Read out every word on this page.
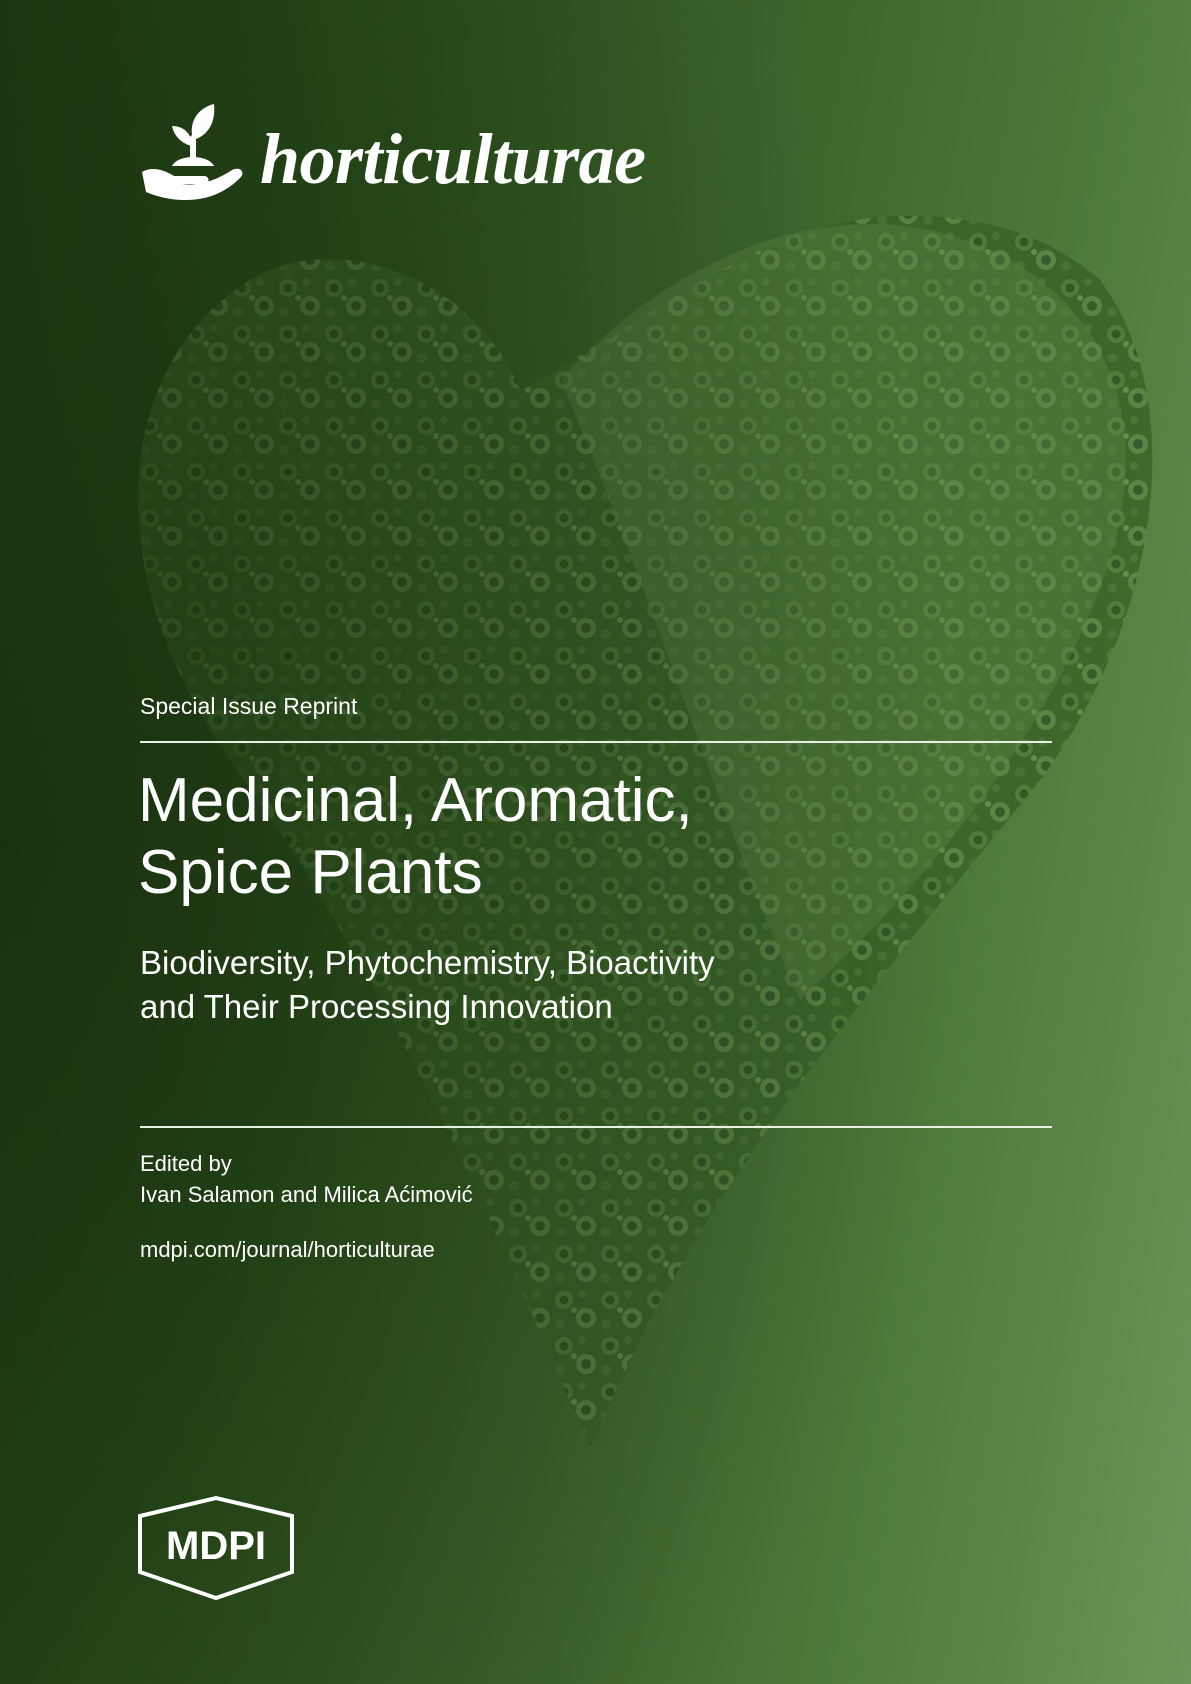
horticulturae
Special Issue Reprint
Medicinal, Aromatic,
Spice Plants
Biodiversity, Phytochemistry, Bioactivity
and Their Processing Innovation
Edited by
Ivan Salamon and Milica Aćimović
mdpi.com/journal/horticulturae
MDPI
